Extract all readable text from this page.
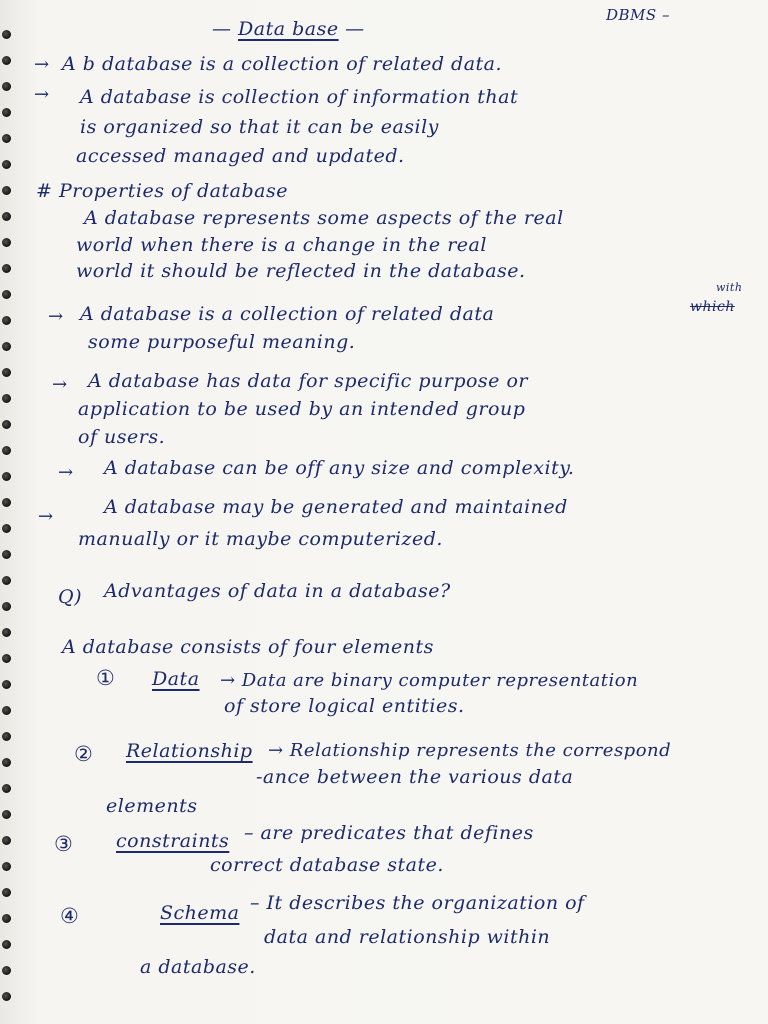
— Data base —
DBMS –
→ A b database is a collection of related data.
→ A database is collection of information that
is organized so that it can be easily
accessed managed and updated.
# Properties of database
A database represents some aspects of the real
world when there is a change in the real
world it should be reflected in the database.
→ A database is a collection of related data
with
which
some purposeful meaning.
→ A database has data for specific purpose or
application to be used by an intended group
of users.
→ A database can be off any size and complexity.
→	A database may be generated and maintained
manually or it maybe computerized.
Q) Advantages of data in a database?
A database consists of four elements
① Data → Data are binary computer representation
of store logical entities.
② Relationship → Relationship represents the correspond
-ance between the various data
elements
③ constraints – are predicates that defines
correct database state.
④	Schema – It describes the organization of
data and relationship within
a database.
